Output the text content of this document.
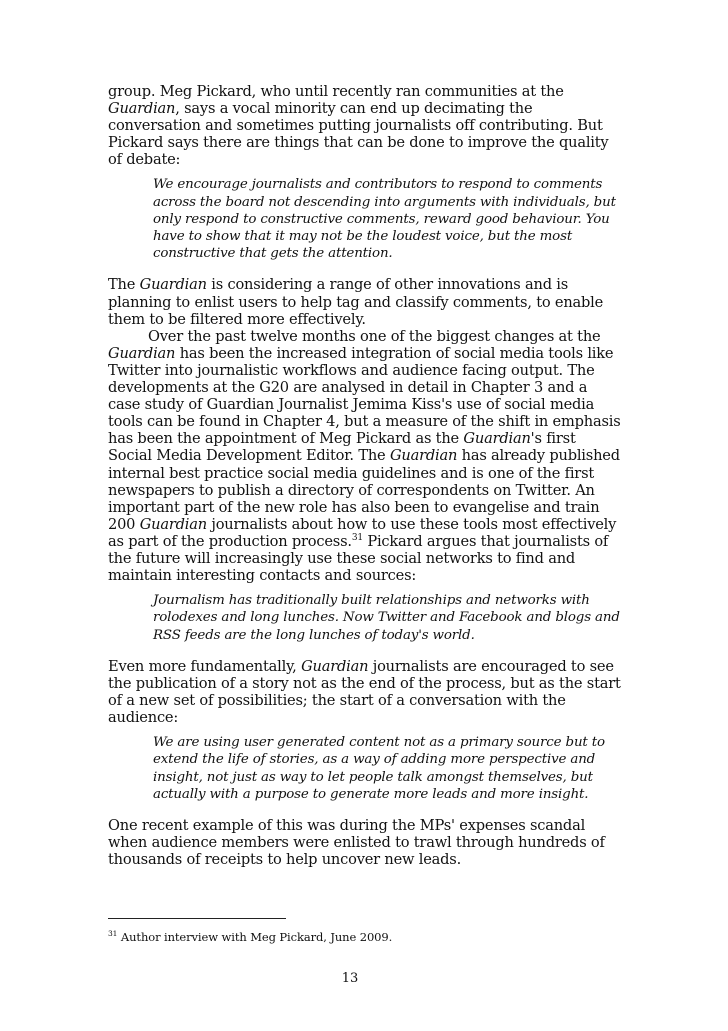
group. Meg Pickard, who until recently ran communities at the Guardian, says a vocal minority can end up decimating the conversation and sometimes putting journalists off contributing. But Pickard says there are things that can be done to improve the quality of debate:

We encourage journalists and contributors to respond to comments across the board not descending into arguments with individuals, but only respond to constructive comments, reward good behaviour. You have to show that it may not be the loudest voice, but the most constructive that gets the attention.

The Guardian is considering a range of other innovations and is planning to enlist users to help tag and classify comments, to enable them to be filtered more effectively.

Over the past twelve months one of the biggest changes at the Guardian has been the increased integration of social media tools like Twitter into journalistic workflows and audience facing output. The developments at the G20 are analysed in detail in Chapter 3 and a case study of Guardian Journalist Jemima Kiss's use of social media tools can be found in Chapter 4, but a measure of the shift in emphasis has been the appointment of Meg Pickard as the Guardian's first Social Media Development Editor. The Guardian has already published internal best practice social media guidelines and is one of the first newspapers to publish a directory of correspondents on Twitter. An important part of the new role has also been to evangelise and train 200 Guardian journalists about how to use these tools most effectively as part of the production process.$^{31}$ Pickard argues that journalists of the future will increasingly use these social networks to find and maintain interesting contacts and sources:

Journalism has traditionally built relationships and networks with rolodexes and long lunches. Now Twitter and Facebook and blogs and RSS feeds are the long lunches of today's world.

Even more fundamentally, Guardian journalists are encouraged to see the publication of a story not as the end of the process, but as the start of a new set of possibilities; the start of a conversation with the audience:

We are using user generated content not as a primary source but to extend the life of stories, as a way of adding more perspective and insight, not just as way to let people talk amongst themselves, but actually with a purpose to generate more leads and more insight.

One recent example of this was during the MPs' expenses scandal when audience members were enlisted to trawl through hundreds of thousands of receipts to help uncover new leads.

$^{31}$ Author interview with Meg Pickard, June 2009.
13
